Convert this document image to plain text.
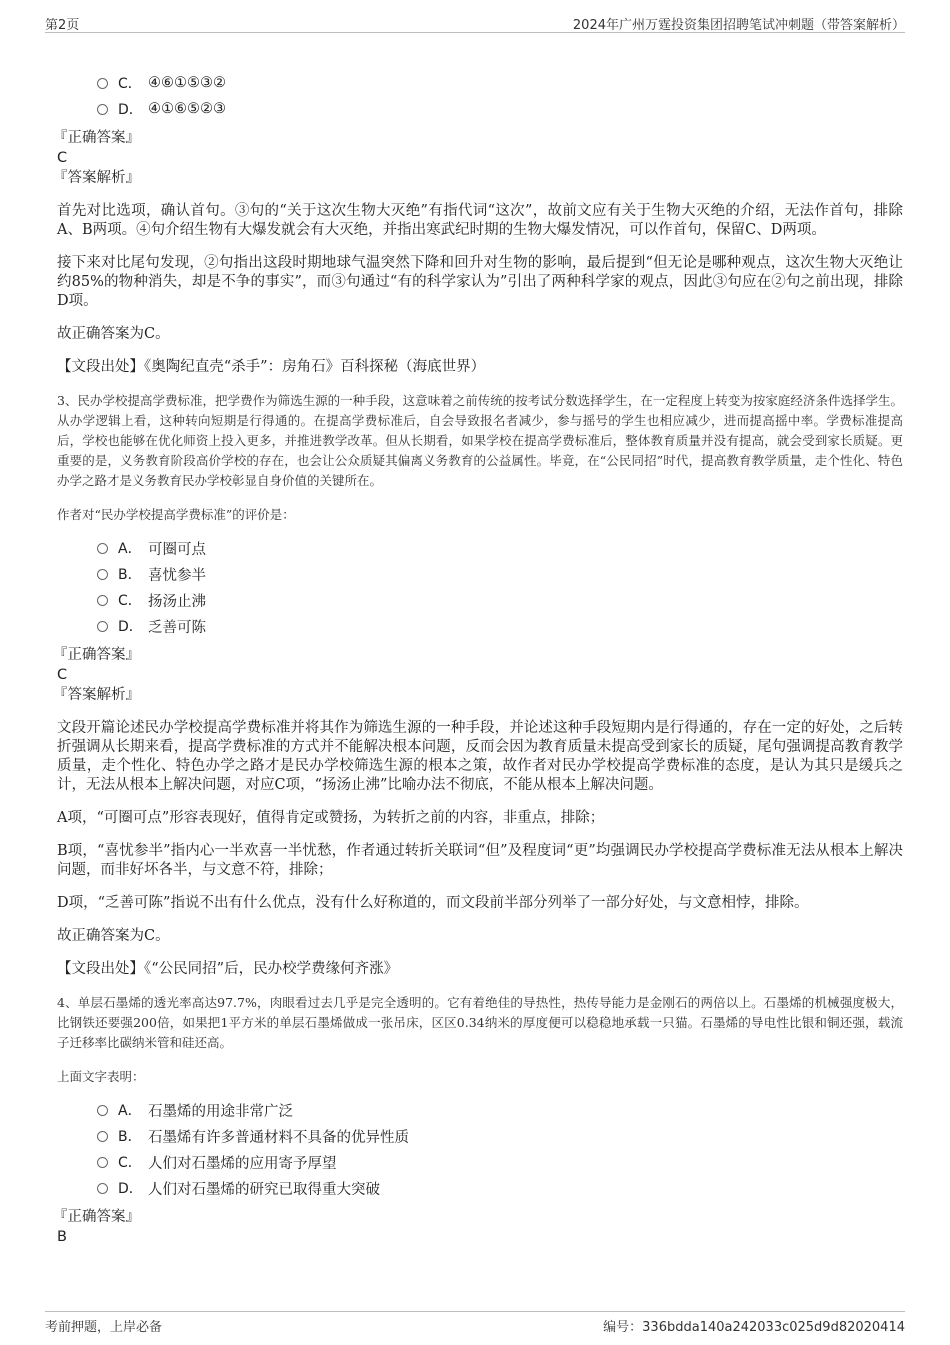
第2页	2024年广州万霆投资集团招聘笔试冲刺题（带答案解析）
C． ④⑥①⑤③②
D． ④①⑥⑤②③
『正确答案』
C
『答案解析』

首先对比选项，确认首句。③句的“关于这次生物大灭绝”有指代词“这次”，故前文应有关于生物大灭绝的介绍，无法作首句，排除A、B两项。④句介绍生物有大爆发就会有大灭绝，并指出寒武纪时期的生物大爆发情况，可以作首句，保留C、D两项。

接下来对比尾句发现，②句指出这段时期地球气温突然下降和回升对生物的影响，最后提到“但无论是哪种观点，这次生物大灭绝让约85%的物种消失，却是不争的事实”，而③句通过“有的科学家认为”引出了两种科学家的观点，因此③句应在②句之前出现，排除D项。

故正确答案为C。

【文段出处】《奥陶纪直壳“杀手”：房角石》百科探秘（海底世界）

3、民办学校提高学费标准，把学费作为筛选生源的一种手段，这意味着之前传统的按考试分数选择学生，在一定程度上转变为按家庭经济条件选择学生。从办学逻辑上看，这种转向短期是行得通的。在提高学费标准后，自会导致报名者减少，参与摇号的学生也相应减少，进而提高摇中率。学费标准提高后，学校也能够在优化师资上投入更多，并推进教学改革。但从长期看，如果学校在提高学费标准后，整体教育质量并没有提高，就会受到家长质疑。更重要的是，义务教育阶段高价学校的存在，也会让公众质疑其偏离义务教育的公益属性。毕竟，在“公民同招”时代，提高教育教学质量，走个性化、特色办学之路才是义务教育民办学校彰显自身价值的关键所在。

作者对“民办学校提高学费标准”的评价是：

A． 可圈可点
B． 喜忧参半
C． 扬汤止沸
D． 乏善可陈
『正确答案』
C
『答案解析』

文段开篇论述民办学校提高学费标准并将其作为筛选生源的一种手段，并论述这种手段短期内是行得通的，存在一定的好处，之后转折强调从长期来看，提高学费标准的方式并不能解决根本问题，反而会因为教育质量未提高受到家长的质疑，尾句强调提高教育教学质量，走个性化、特色办学之路才是民办学校筛选生源的根本之策，故作者对民办学校提高学费标准的态度，是认为其只是缓兵之计，无法从根本上解决问题，对应C项，“扬汤止沸”比喻办法不彻底，不能从根本上解决问题。

A项，“可圈可点”形容表现好，值得肯定或赞扬，为转折之前的内容，非重点，排除；

B项，“喜忧参半”指内心一半欢喜一半忧愁，作者通过转折关联词“但”及程度词“更”均强调民办学校提高学费标准无法从根本上解决问题，而非好坏各半，与文意不符，排除；

D项，“乏善可陈”指说不出有什么优点，没有什么好称道的，而文段前半部分列举了一部分好处，与文意相悖，排除。

故正确答案为C。

【文段出处】《“公民同招”后，民办校学费缘何齐涨》

4、单层石墨烯的透光率高达97.7%，肉眼看过去几乎是完全透明的。它有着绝佳的导热性，热传导能力是金刚石的两倍以上。石墨烯的机械强度极大，比钢铁还要强200倍，如果把1平方米的单层石墨烯做成一张吊床，区区0.34纳米的厚度便可以稳稳地承载一只猫。石墨烯的导电性比银和铜还强，载流子迁移率比碳纳米管和硅还高。

上面文字表明：

A． 石墨烯的用途非常广泛
B． 石墨烯有许多普通材料不具备的优异性质
C． 人们对石墨烯的应用寄予厚望
D． 人们对石墨烯的研究已取得重大突破
『正确答案』
B
考前押题，上岸必备	编号：336bdda140a242033c025d9d82020414
